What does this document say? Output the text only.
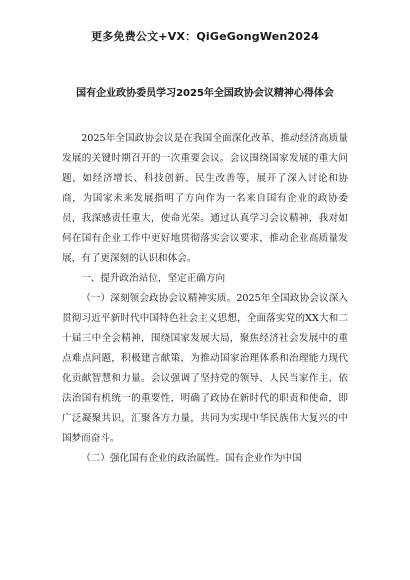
更多免费公文+VX：QiGeGongWen2024
国有企业政协委员学习2025年全国政协会议精神心得体会

2025年全国政协会议是在我国全面深化改革、推动经济高质量发展的关键时期召开的一次重要会议。会议围绕国家发展的重大问题，如经济增长、科技创新、民生改善等，展开了深入讨论和协商，为国家未来发展指明了方向作为一名来自国有企业的政协委员，我深感责任重大，使命光荣。通过认真学习会议精神，我对如何在国有企业工作中更好地贯彻落实会议要求，推动企业高质量发展，有了更深刻的认识和体会。

一、提升政治站位，坚定正确方向

（一）深刻领会政协会议精神实质。2025年全国政协会议深入贯彻习近平新时代中国特色社会主义思想，全面落实党的XX大和二十届三中全会精神，围绕国家发展大局，聚焦经济社会发展中的重点难点问题，积极建言献策，为推动国家治理体系和治理能力现代化贡献智慧和力量。会议强调了坚持党的领导、人民当家作主、依法治国有机统一的重要性，明确了政协在新时代的职责和使命，即广泛凝聚共识，汇聚各方力量，共同为实现中华民族伟大复兴的中国梦而奋斗。

（二）强化国有企业的政治属性。国有企业作为中国
